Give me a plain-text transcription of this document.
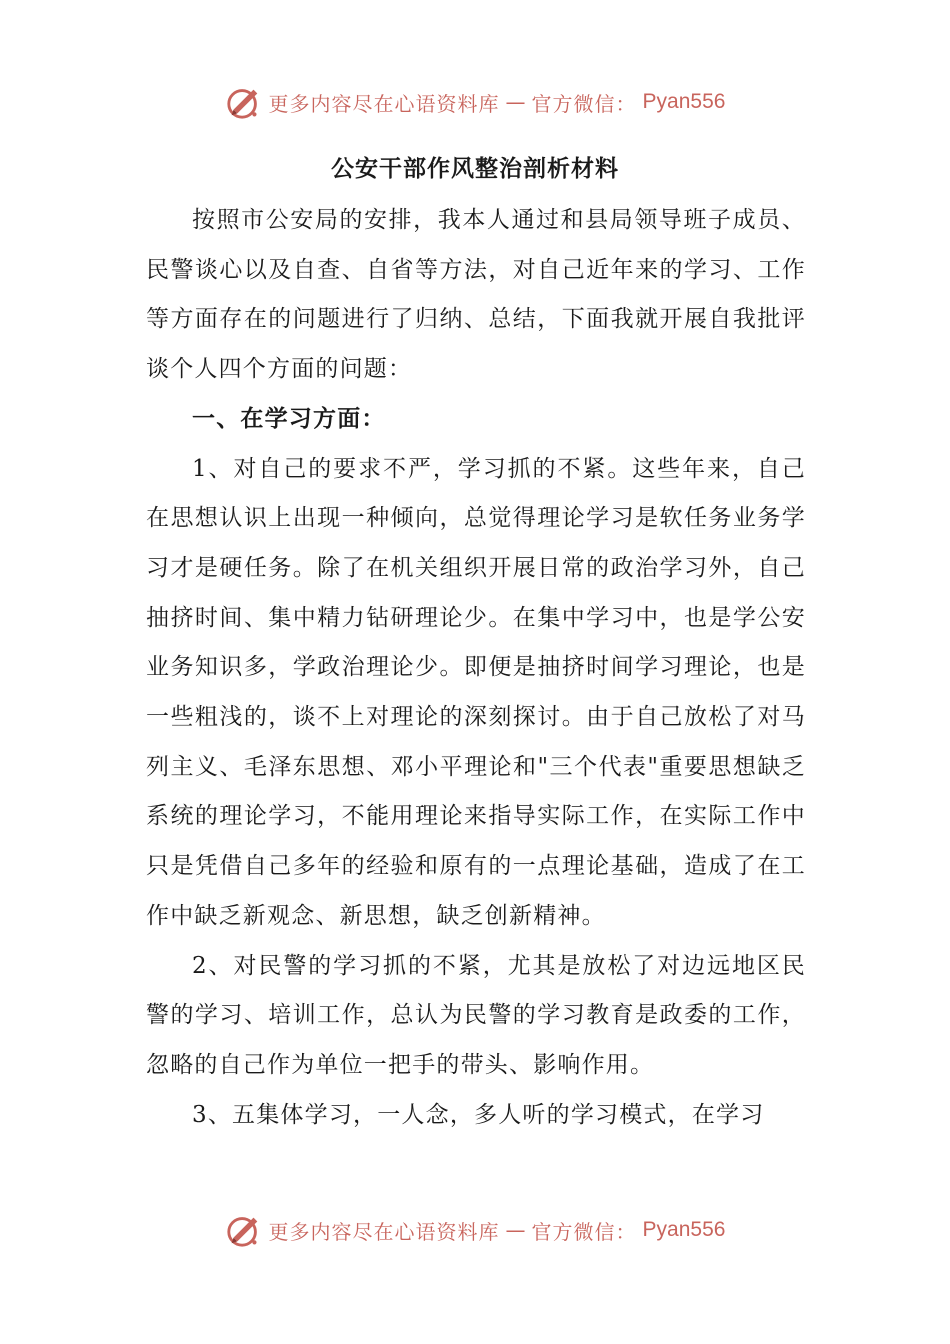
更多内容尽在心语资料库 — 官方微信： Pyan556
公安干部作风整治剖析材料

按照市公安局的安排，我本人通过和县局领导班子成员、民警谈心以及自查、自省等方法，对自己近年来的学习、工作等方面存在的问题进行了归纳、总结，下面我就开展自我批评谈个人四个方面的问题：

一、在学习方面：

1、对自己的要求不严，学习抓的不紧。这些年来，自己在思想认识上出现一种倾向，总觉得理论学习是软任务业务学习才是硬任务。除了在机关组织开展日常的政治学习外，自己抽挤时间、集中精力钻研理论少。在集中学习中，也是学公安业务知识多，学政治理论少。即便是抽挤时间学习理论，也是一些粗浅的，谈不上对理论的深刻探讨。由于自己放松了对马列主义、毛泽东思想、邓小平理论和"三个代表"重要思想缺乏系统的理论学习，不能用理论来指导实际工作，在实际工作中只是凭借自己多年的经验和原有的一点理论基础，造成了在工作中缺乏新观念、新思想，缺乏创新精神。

2、对民警的学习抓的不紧，尤其是放松了对边远地区民警的学习、培训工作，总认为民警的学习教育是政委的工作，忽略的自己作为单位一把手的带头、影响作用。

3、五集体学习，一人念，多人听的学习模式，在学习

更多内容尽在心语资料库 — 官方微信： Pyan556
